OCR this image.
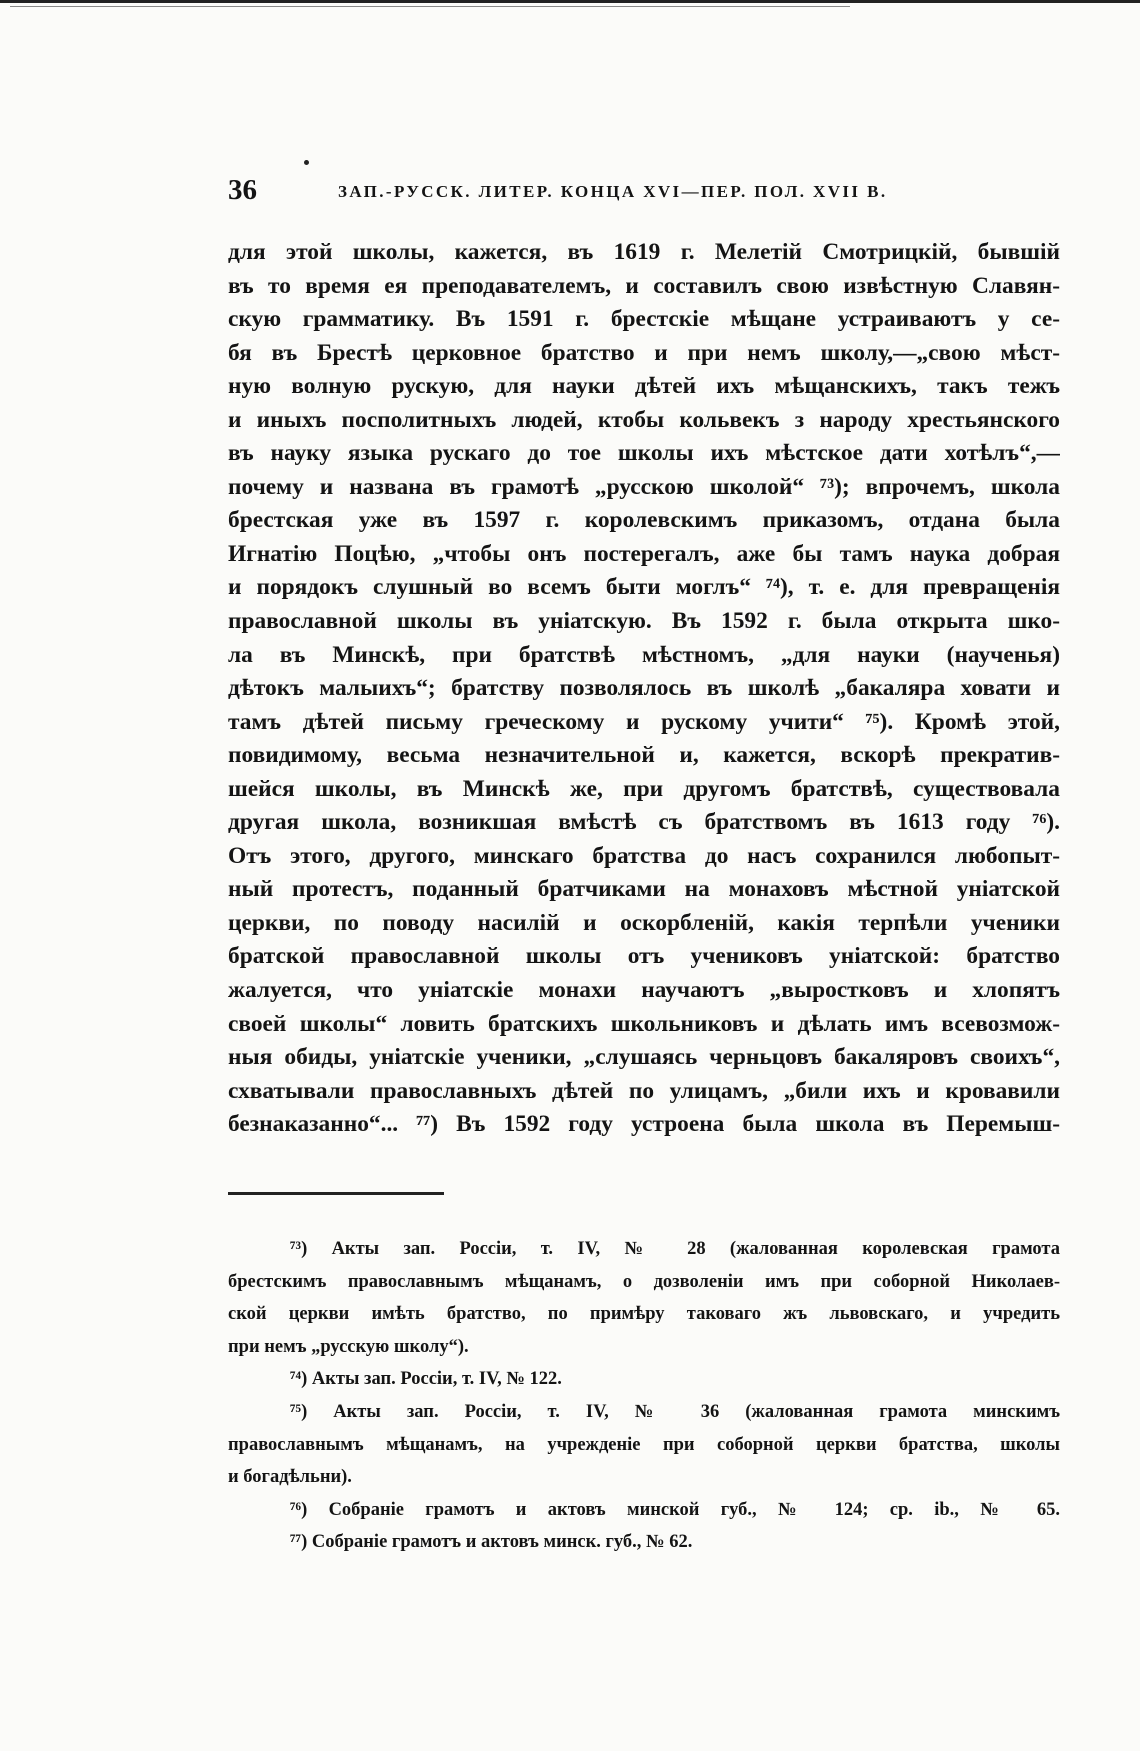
36	ЗАП.-РУССК. ЛИТЕР. КОНЦА XVI—ПЕР. ПОЛ. XVII В.
для этой школы, кажется, въ 1619 г. Мелетій Смотрицкій, бывшій
въ то время ея преподавателемъ, и составилъ свою извѣстную Славян-
скую грамматику. Въ 1591 г. брестскіе мѣщане устраиваютъ у се-
бя въ Брестѣ церковное братство и при немъ школу,—„свою мѣст-
ную волную рускую, для науки дѣтей ихъ мѣщанскихъ, такъ тежъ
и иныхъ посполитныхъ людей, ктобы кольвекъ з народу хрестьянского
въ науку языка рускаго до тое школы ихъ мѣстское дати хотѣлъ“,—
почему и названа въ грамотѣ „русскою школой“ ⁷³); впрочемъ, школа
брестская уже въ 1597 г. королевскимъ приказомъ, отдана была
Игнатію Поцѣю, „чтобы онъ постерегалъ, аже бы тамъ наука добрая
и порядокъ слушный во всемъ быти моглъ“ ⁷⁴), т. е. для превращенія
православной школы въ уніатскую. Въ 1592 г. была открыта шко-
ла въ Минскѣ, при братствѣ мѣстномъ, „для науки (наученья)
дѣтокъ малыихъ“; братству позволялось въ школѣ „бакаляра ховати и
тамъ дѣтей письму греческому и рускому учити“ ⁷⁵). Кромѣ этой,
повидимому, весьма незначительной и, кажется, вскорѣ прекратив-
шейся школы, въ Минскѣ же, при другомъ братствѣ, существовала
другая школа, возникшая вмѣстѣ съ братствомъ въ 1613 году ⁷⁶).
Отъ этого, другого, минскаго братства до насъ сохранился любопыт-
ный протестъ, поданный братчиками на монаховъ мѣстной уніатской
церкви, по поводу насилій и оскорбленій, какія терпѣли ученики
братской православной школы отъ учениковъ уніатской: братство
жалуется, что уніатскіе монахи научаютъ „выростковъ и хлопятъ
своей школы“ ловить братскихъ школьниковъ и дѣлать имъ всевозмож-
ныя обиды, уніатскіе ученики, „слушаясь черньцовъ бакаляровъ своихъ“,
схватывали православныхъ дѣтей по улицамъ, „били ихъ и кровавили
безнаказанно“... ⁷⁷) Въ 1592 году устроена была школа въ Перемыш-
⁷³) Акты зап. Россіи, т. IV, № 28 (жалованная королевская грамота
брестскимъ православнымъ мѣщанамъ, о дозволеніи имъ при соборной Николаев-
ской церкви имѣть братство, по примѣру таковаго жъ львовскаго, и учредить
при немъ „русскую школу“).
⁷⁴) Акты зап. Россіи, т. IV, № 122.
⁷⁵) Акты зап. Россіи, т. IV, № 36 (жалованная грамота минскимъ
православнымъ мѣщанамъ, на учрежденіе при соборной церкви братства, школы
и богадѣльни).
⁷⁶) Собраніе грамотъ и актовъ минской губ., № 124; ср. ib., № 65.
⁷⁷) Собраніе грамотъ и актовъ минск. губ., № 62.
